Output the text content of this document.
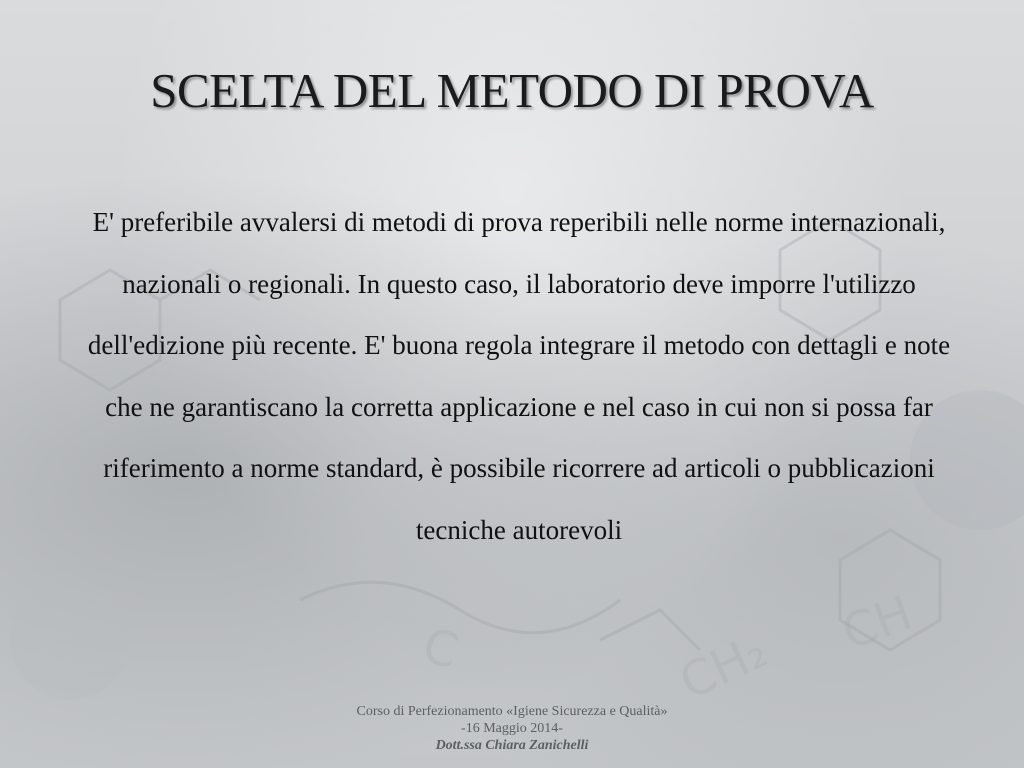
CH₂ CH
C
SCELTA DEL METODO DI PROVA

E' preferibile avvalersi di metodi di prova reperibili nelle norme internazionali, nazionali o regionali. In questo caso, il laboratorio deve imporre l'utilizzo dell'edizione più recente. E' buona regola integrare il metodo con dettagli e note che ne garantiscano la corretta applicazione e nel caso in cui non si possa far riferimento a norme standard, è possibile ricorrere ad articoli o pubblicazioni tecniche autorevoli

Corso di Perfezionamento «Igiene Sicurezza e Qualità»
-16 Maggio 2014-
Dott.ssa Chiara Zanichelli
